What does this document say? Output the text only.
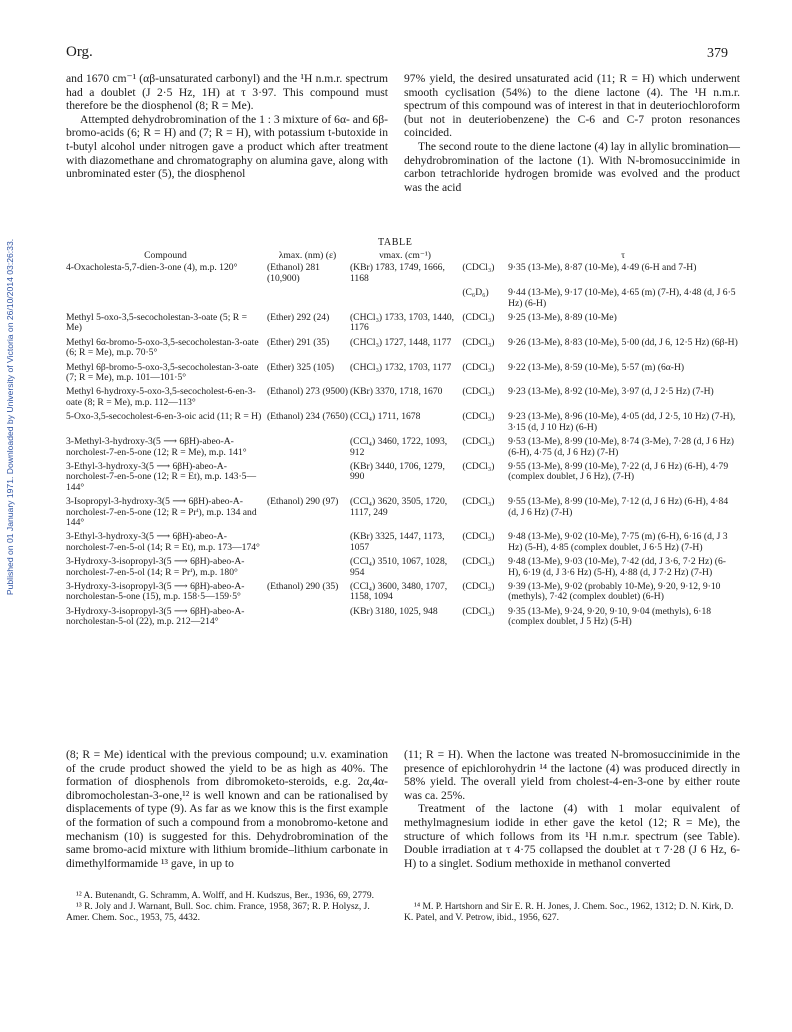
Published on 01 January 1971. Downloaded by University of Victoria on 26/10/2014 03:26:33.
Org.	379

and 1670 cm⁻¹ (αβ-unsaturated carbonyl) and the ¹H n.m.r. spectrum had a doublet (J 2·5 Hz, 1H) at τ 3·97. This compound must therefore be the diosphenol (8; R = Me).

Attempted dehydrobromination of the 1 : 3 mixture of 6α- and 6β-bromo-acids (6; R = H) and (7; R = H), with potassium t-butoxide in t-butyl alcohol under nitrogen gave a product which after treatment with diazomethane and chromatography on alumina gave, along with unbrominated ester (5), the diosphenol

97% yield, the desired unsaturated acid (11; R = H) which underwent smooth cyclisation (54%) to the diene lactone (4). The ¹H n.m.r. spectrum of this compound was of interest in that in deuteriochloroform (but not in deuteriobenzene) the C-6 and C-7 proton resonances coincided.

The second route to the diene lactone (4) lay in allylic bromination—dehydrobromination of the lactone (1). With N-bromosuccinimide in carbon tetrachloride hydrogen bromide was evolved and the product was the acid

TABLE
Compound	λmax. (nm) (ε)	νmax. (cm⁻¹)		τ
4-Oxacholesta-5,7-dien-3-one (4), m.p. 120°	(Ethanol) 281 (10,900)	(KBr) 1783, 1749, 1666, 1168	(CDCl₃)	9·35 (13-Me), 8·87 (10-Me), 4·49 (6-H and 7-H)
			(C₆D₆)	9·44 (13-Me), 9·17 (10-Me), 4·65 (m) (7-H), 4·48 (d, J 6·5 Hz) (6-H)
Methyl 5-oxo-3,5-secocholestan-3-oate (5; R = Me)	(Ether) 292 (24)	(CHCl₃) 1733, 1703, 1440, 1176	(CDCl₃)	9·25 (13-Me), 8·89 (10-Me)
Methyl 6α-bromo-5-oxo-3,5-secocholestan-3-oate (6; R = Me), m.p. 70·5°	(Ether) 291 (35)	(CHCl₃) 1727, 1448, 1177	(CDCl₃)	9·26 (13-Me), 8·83 (10-Me), 5·00 (dd, J 6, 12·5 Hz) (6β-H)
Methyl 6β-bromo-5-oxo-3,5-secocholestan-3-oate (7; R = Me), m.p. 101—101·5°	(Ether) 325 (105)	(CHCl₃) 1732, 1703, 1177	(CDCl₃)	9·22 (13-Me), 8·59 (10-Me), 5·57 (m) (6α-H)
Methyl 6-hydroxy-5-oxo-3,5-secocholest-6-en-3-oate (8; R = Me), m.p. 112—113°	(Ethanol) 273 (9500)	(KBr) 3370, 1718, 1670	(CDCl₃)	9·23 (13-Me), 8·92 (10-Me), 3·97 (d, J 2·5 Hz) (7-H)
5-Oxo-3,5-secocholest-6-en-3-oic acid (11; R = H)	(Ethanol) 234 (7650)	(CCl₄) 1711, 1678	(CDCl₃)	9·23 (13-Me), 8·96 (10-Me), 4·05 (dd, J 2·5, 10 Hz) (7-H), 3·15 (d, J 10 Hz) (6-H)
3-Methyl-3-hydroxy-3(5 ⟶ 6βH)-abeo-A-norcholest-7-en-5-one (12; R = Me), m.p. 141°		(CCl₄) 3460, 1722, 1093, 912	(CDCl₃)	9·53 (13-Me), 8·99 (10-Me), 8·74 (3-Me), 7·28 (d, J 6 Hz) (6-H), 4·75 (d, J 6 Hz) (7-H)
3-Ethyl-3-hydroxy-3(5 ⟶ 6βH)-abeo-A-norcholest-7-en-5-one (12; R = Et), m.p. 143·5—144°		(KBr) 3440, 1706, 1279, 990	(CDCl₃)	9·55 (13-Me), 8·99 (10-Me), 7·22 (d, J 6 Hz) (6-H), 4·79 (complex doublet, J 6 Hz), (7-H)
3-Isopropyl-3-hydroxy-3(5 ⟶ 6βH)-abeo-A-norcholest-7-en-5-one (12; R = Prⁱ), m.p. 134 and 144°	(Ethanol) 290 (97)	(CCl₄) 3620, 3505, 1720, 1117, 249	(CDCl₃)	9·55 (13-Me), 8·99 (10-Me), 7·12 (d, J 6 Hz) (6-H), 4·84 (d, J 6 Hz) (7-H)
3-Ethyl-3-hydroxy-3(5 ⟶ 6βH)-abeo-A-norcholest-7-en-5-ol (14; R = Et), m.p. 173—174°		(KBr) 3325, 1447, 1173, 1057	(CDCl₃)	9·48 (13-Me), 9·02 (10-Me), 7·75 (m) (6-H), 6·16 (d, J 3 Hz) (5-H), 4·85 (complex doublet, J 6·5 Hz) (7-H)
3-Hydroxy-3-isopropyl-3(5 ⟶ 6βH)-abeo-A-norcholest-7-en-5-ol (14; R = Prⁱ), m.p. 180°		(CCl₄) 3510, 1067, 1028, 954	(CDCl₃)	9·48 (13-Me), 9·03 (10-Me), 7·42 (dd, J 3·6, 7·2 Hz) (6-H), 6·19 (d, J 3·6 Hz) (5-H), 4·88 (d, J 7·2 Hz) (7-H)
3-Hydroxy-3-isopropyl-3(5 ⟶ 6βH)-abeo-A-norcholestan-5-one (15), m.p. 158·5—159·5°	(Ethanol) 290 (35)	(CCl₄) 3600, 3480, 1707, 1158, 1094	(CDCl₃)	9·39 (13-Me), 9·02 (probably 10-Me), 9·20, 9·12, 9·10 (methyls), 7·42 (complex doublet) (6-H)
3-Hydroxy-3-isopropyl-3(5 ⟶ 6βH)-abeo-A-norcholestan-5-ol (22), m.p. 212—214°		(KBr) 3180, 1025, 948	(CDCl₃)	9·35 (13-Me), 9·24, 9·20, 9·10, 9·04 (methyls), 6·18 (complex doublet, J 5 Hz) (5-H)

(8; R = Me) identical with the previous compound; u.v. examination of the crude product showed the yield to be as high as 40%. The formation of diosphenols from dibromoketo-steroids, e.g. 2α,4α-dibromocholestan-3-one,¹² is well known and can be rationalised by displacements of type (9). As far as we know this is the first example of the formation of such a compound from a monobromo-ketone and mechanism (10) is suggested for this. Dehydrobromination of the same bromo-acid mixture with lithium bromide–lithium carbonate in dimethylformamide ¹³ gave, in up to

(11; R = H). When the lactone was treated N-bromosuccinimide in the presence of epichlorohydrin ¹⁴ the lactone (4) was produced directly in 58% yield. The overall yield from cholest-4-en-3-one by either route was ca. 25%.

Treatment of the lactone (4) with 1 molar equivalent of methylmagnesium iodide in ether gave the ketol (12; R = Me), the structure of which follows from its ¹H n.m.r. spectrum (see Table). Double irradiation at τ 4·75 collapsed the doublet at τ 7·28 (J 6 Hz, 6-H) to a singlet. Sodium methoxide in methanol converted

¹² A. Butenandt, G. Schramm, A. Wolff, and H. Kudszus, Ber., 1936, 69, 2779.

¹³ R. Joly and J. Warnant, Bull. Soc. chim. France, 1958, 367; R. P. Holysz, J. Amer. Chem. Soc., 1953, 75, 4432.

¹⁴ M. P. Hartshorn and Sir E. R. H. Jones, J. Chem. Soc., 1962, 1312; D. N. Kirk, D. K. Patel, and V. Petrow, ibid., 1956, 627.
